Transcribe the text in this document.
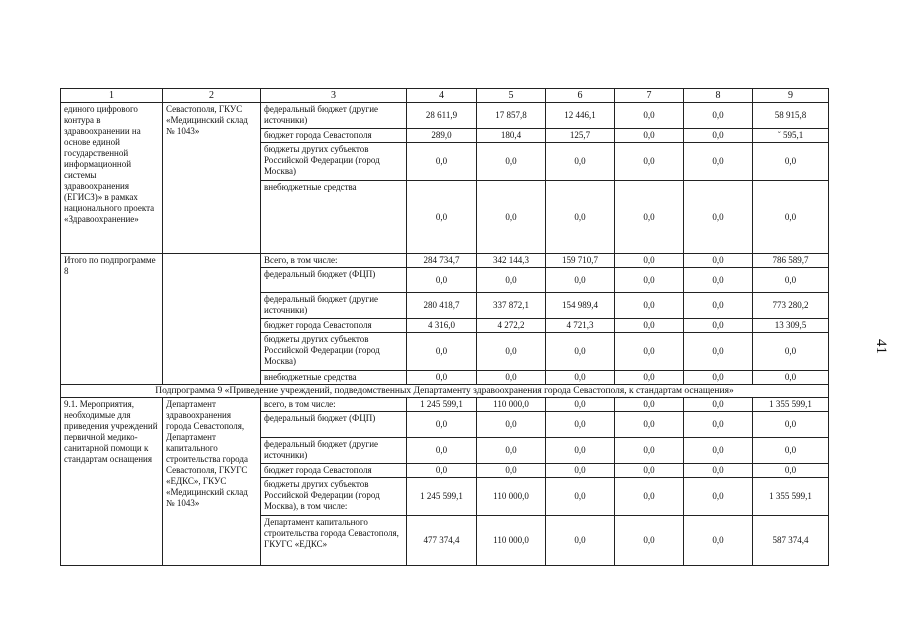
1	2	3	4	5	6	7	8	9
единого цифрового контура в здравоохранении на основе единой государственной информационной системы здравоохранения (ЕГИСЗ)» в рамках национального проекта «Здравоохранение»	Севастополя, ГКУС «Медицинский склад № 1043»	федеральный бюджет (другие источники)	28 611,9	17 857,8	12 446,1	0,0	0,0	58 915,8
		бюджет города Севастополя	289,0	180,4	125,7	0,0	0,0	˘ 595,1
		бюджеты других субъектов Российской Федерации (город Москва)	0,0	0,0	0,0	0,0	0,0	0,0
		внебюджетные средства	0,0	0,0	0,0	0,0	0,0	0,0
Итого по подпрограмме 8		Всего, в том числе:	284 734,7	342 144,3	159 710,7	0,0	0,0	786 589,7
		федеральный бюджет (ФЦП)	0,0	0,0	0,0	0,0	0,0	0,0
		федеральный бюджет (другие источники)	280 418,7	337 872,1	154 989,4	0,0	0,0	773 280,2
		бюджет города Севастополя	4 316,0	4 272,2	4 721,3	0,0	0,0	13 309,5
		бюджеты других субъектов Российской Федерации (город Москва)	0,0	0,0	0,0	0,0	0,0	0,0
		внебюджетные средства	0,0	0,0	0,0	0,0	0,0	0,0
Подпрограмма 9 «Приведение учреждений, подведомственных Департаменту здравоохранения города Севастополя, к стандартам оснащения»								
9.1. Мероприятия, необходимые для приведения учреждений первичной медико-санитарной помощи к стандартам оснащения	Департамент здравоохранения города Севастополя, Департамент капитального строительства города Севастополя, ГКУГС «ЕДКС», ГКУС «Медицинский склад № 1043»	всего, в том числе:	1 245 599,1	110 000,0	0,0	0,0	0,0	1 355 599,1
		федеральный бюджет (ФЦП)	0,0	0,0	0,0	0,0	0,0	0,0
		федеральный бюджет (другие источники)	0,0	0,0	0,0	0,0	0,0	0,0
		бюджет города Севастополя	0,0	0,0	0,0	0,0	0,0	0,0
		бюджеты других субъектов Российской Федерации (город Москва), в том числе:	1 245 599,1	110 000,0	0,0	0,0	0,0	1 355 599,1
		Департамент капитального строительства города Севастополя, ГКУГС «ЕДКС»	477 374,4	110 000,0	0,0	0,0	0,0	587 374,4
41
